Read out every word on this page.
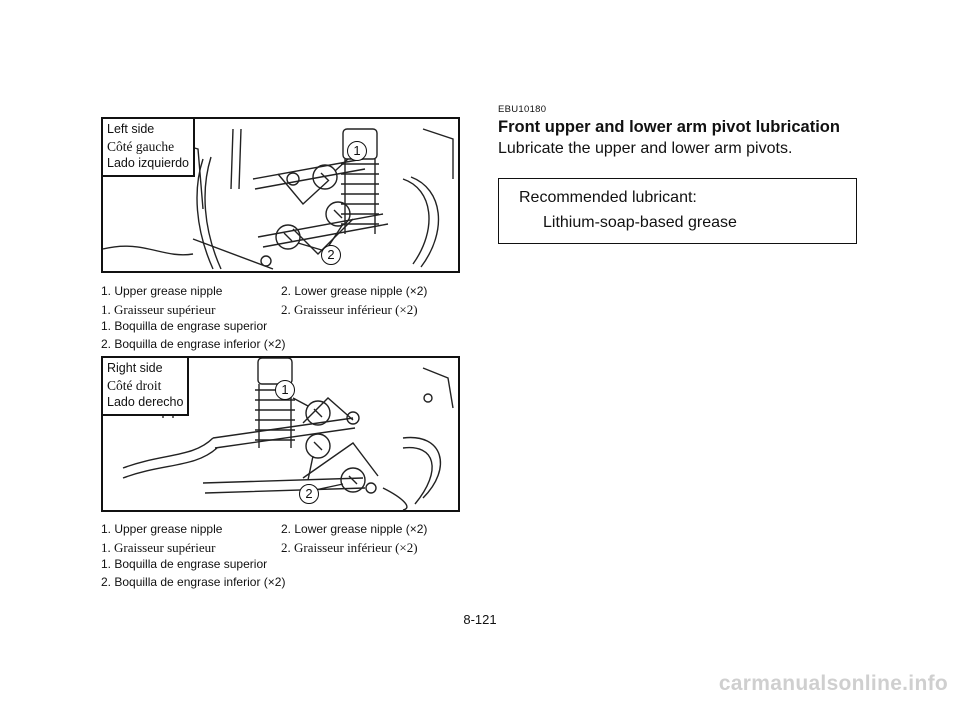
1
2
Left side
Côté gauche
Lado izquierdo
1. Upper grease nipple	2. Lower grease nipple (×2)
1. Graisseur supérieur	2. Graisseur inférieur (×2)
1. Boquilla de engrase superior
2. Boquilla de engrase inferior (×2)
1
2
Right side
Côté droit
Lado derecho
1. Upper grease nipple	2. Lower grease nipple (×2)
1. Graisseur supérieur	2. Graisseur inférieur (×2)
1. Boquilla de engrase superior
2. Boquilla de engrase inferior (×2)
EBU10180
Front upper and lower arm pivot lubrication
Lubricate the upper and lower arm pivots.
Recommended lubricant:
Lithium-soap-based grease
8-121
carmanualsonline.info
